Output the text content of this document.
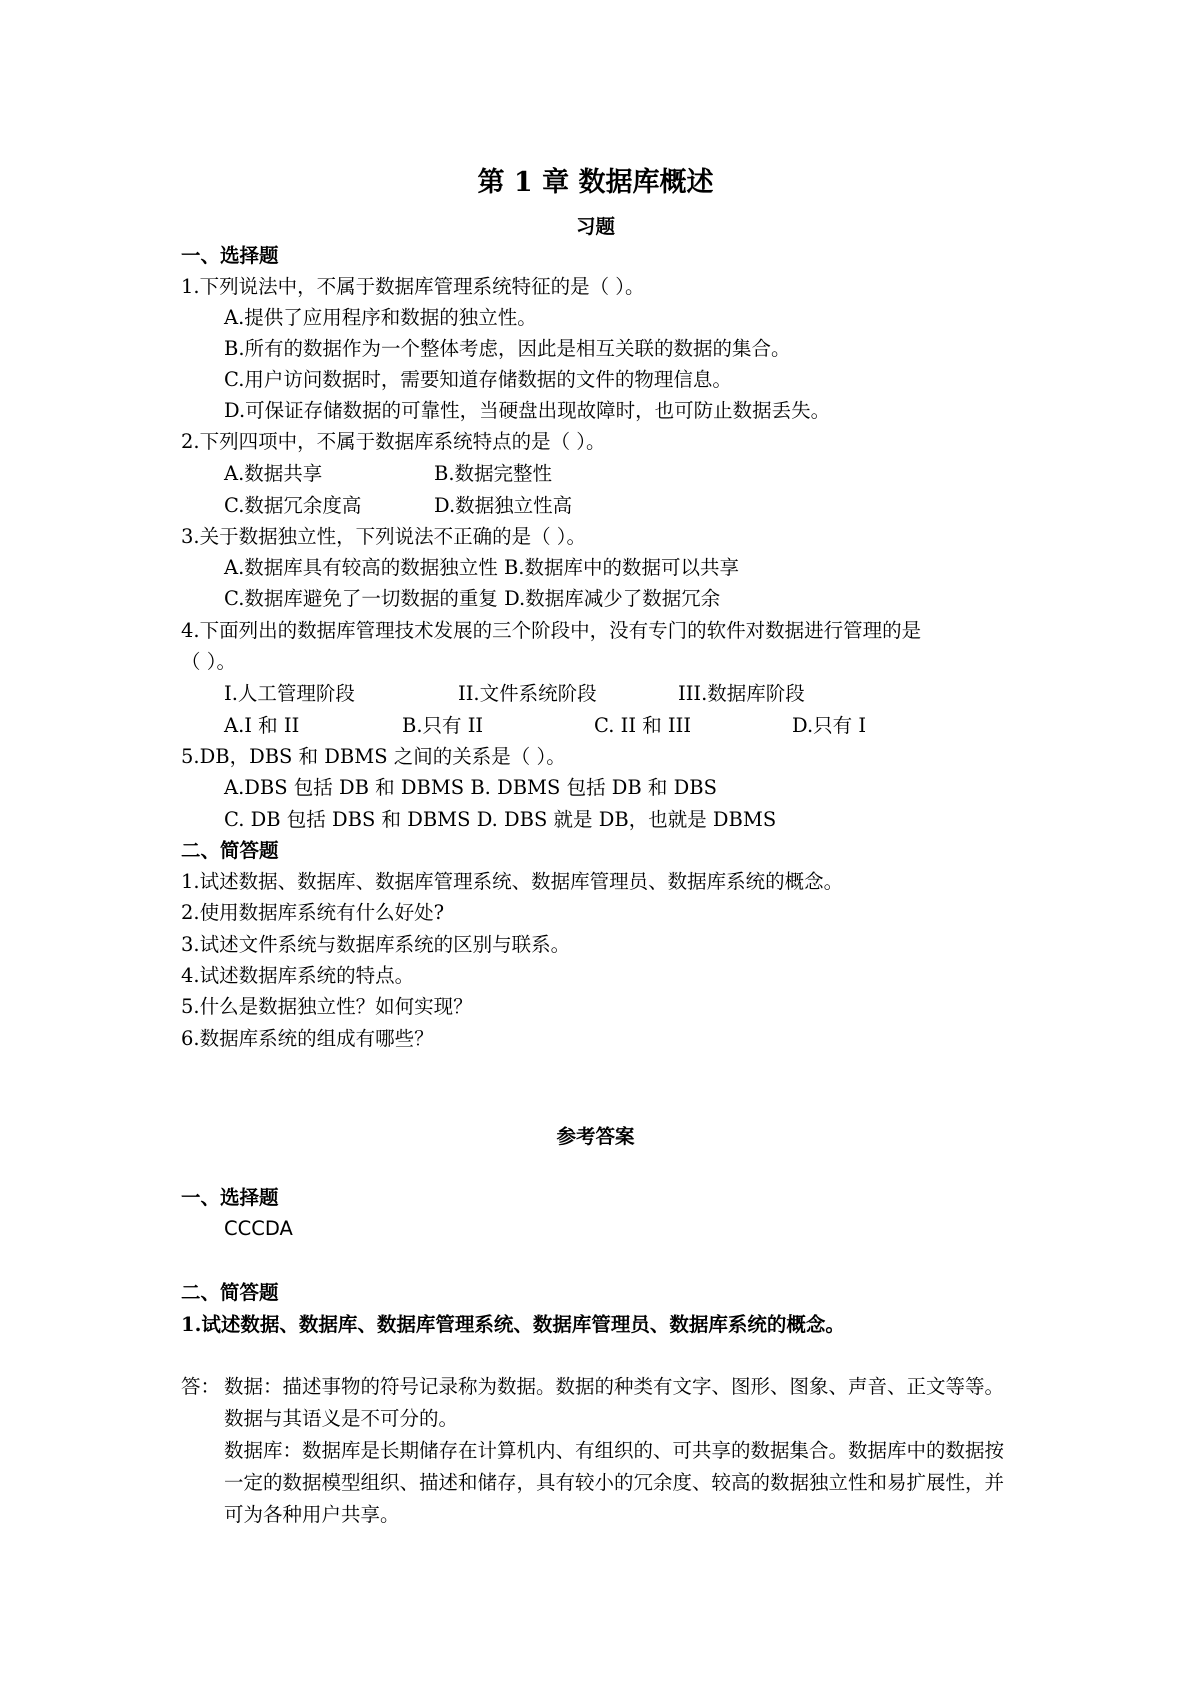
第 1 章 数据库概述
习题
一、选择题
1.下列说法中，不属于数据库管理系统特征的是（ ）。
A.提供了应用程序和数据的独立性。
B.所有的数据作为一个整体考虑，因此是相互关联的数据的集合。
C.用户访问数据时，需要知道存储数据的文件的物理信息。
D.可保证存储数据的可靠性，当硬盘出现故障时，也可防止数据丢失。
2.下列四项中，不属于数据库系统特点的是（ ）。
A.数据共享	B.数据完整性
C.数据冗余度高	D.数据独立性高
3.关于数据独立性，下列说法不正确的是（ ）。
A.数据库具有较高的数据独立性 B.数据库中的数据可以共享
C.数据库避免了一切数据的重复 D.数据库减少了数据冗余
4.下面列出的数据库管理技术发展的三个阶段中，没有专门的软件对数据进行管理的是
（ ）。
I.人工管理阶段	II.文件系统阶段	III.数据库阶段
A.I 和 II	B.只有 II	C. II 和 III	D.只有 I
5.DB，DBS 和 DBMS 之间的关系是（ ）。
A.DBS 包括 DB 和 DBMS B. DBMS 包括 DB 和 DBS
C. DB 包括 DBS 和 DBMS D. DBS 就是 DB，也就是 DBMS
二、简答题
1.试述数据、数据库、数据库管理系统、数据库管理员、数据库系统的概念。
2.使用数据库系统有什么好处?
3.试述文件系统与数据库系统的区别与联系。
4.试述数据库系统的特点。
5.什么是数据独立性？如何实现？
6.数据库系统的组成有哪些？
参考答案
一、选择题
CCCDA
二、简答题
1.试述数据、数据库、数据库管理系统、数据库管理员、数据库系统的概念。
答： 数据：描述事物的符号记录称为数据。数据的种类有文字、图形、图象、声音、正文等等。数据与其语义是不可分的。
数据库：数据库是长期储存在计算机内、有组织的、可共享的数据集合。数据库中的数据按一定的数据模型组织、描述和储存，具有较小的冗余度、较高的数据独立性和易扩展性，并可为各种用户共享。
